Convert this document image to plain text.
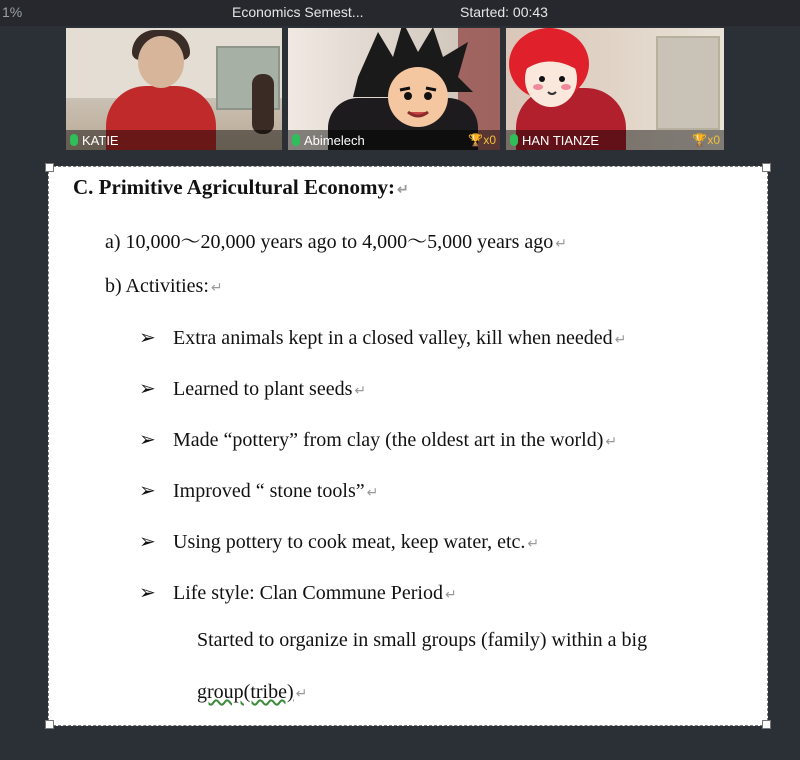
1%	Economics Semest...	Started: 00:43
KATIE	Abimelech	🏆x0 HAN TIANZE	🏆x0
C. Primitive Agricultural Economy: ↵
a) 10,000～20,000 years ago to 4,000～5,000 years ago ↵
b) Activities: ↵
➢ Extra animals kept in a closed valley, kill when needed ↵
➢ Learned to plant seeds ↵
➢ Made “pottery” from clay (the oldest art in the world) ↵
➢ Improved “ stone tools” ↵
➢ Using pottery to cook meat, keep water, etc. ↵
➢ Life style: Clan Commune Period ↵
Started to organize in small groups (family) within a big
group(tribe) ↵
